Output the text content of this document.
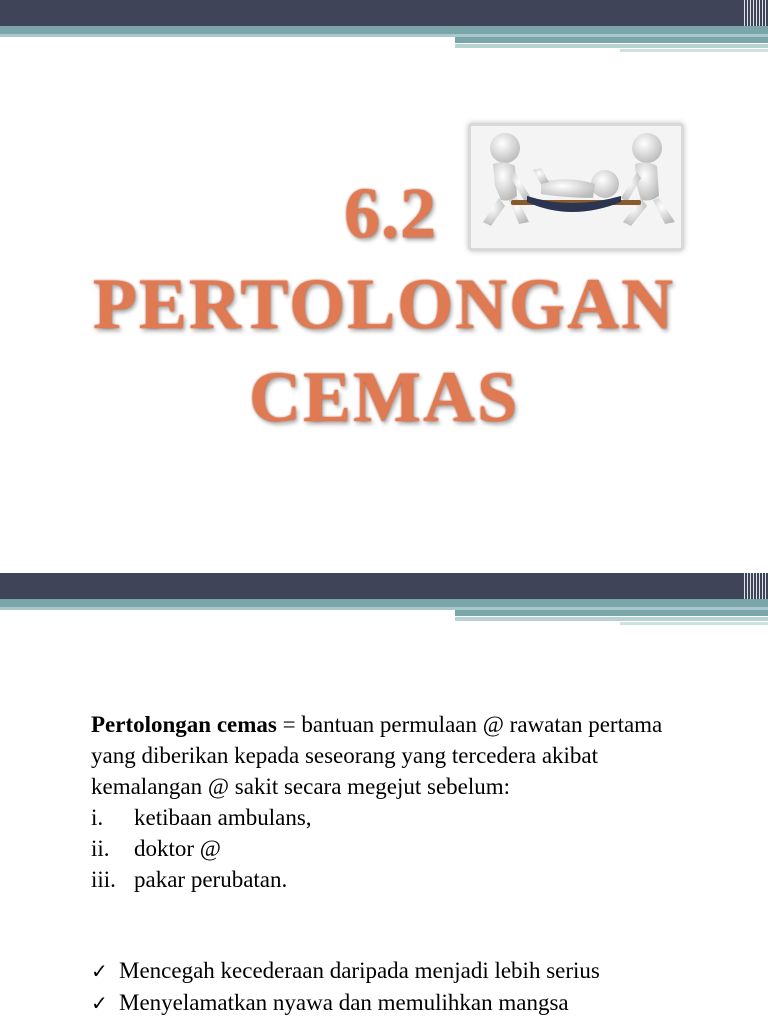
6.2
PERTOLONGAN
CEMAS
Pertolongan cemas = bantuan permulaan @ rawatan pertama yang diberikan kepada seseorang yang tercedera akibat kemalangan @ sakit secara megejut sebelum:
i. ketibaan ambulans,
ii. doktor @
iii. pakar perubatan.
✓ Mencegah kecederaan daripada menjadi lebih serius
✓ Menyelamatkan nyawa dan memulihkan mangsa
